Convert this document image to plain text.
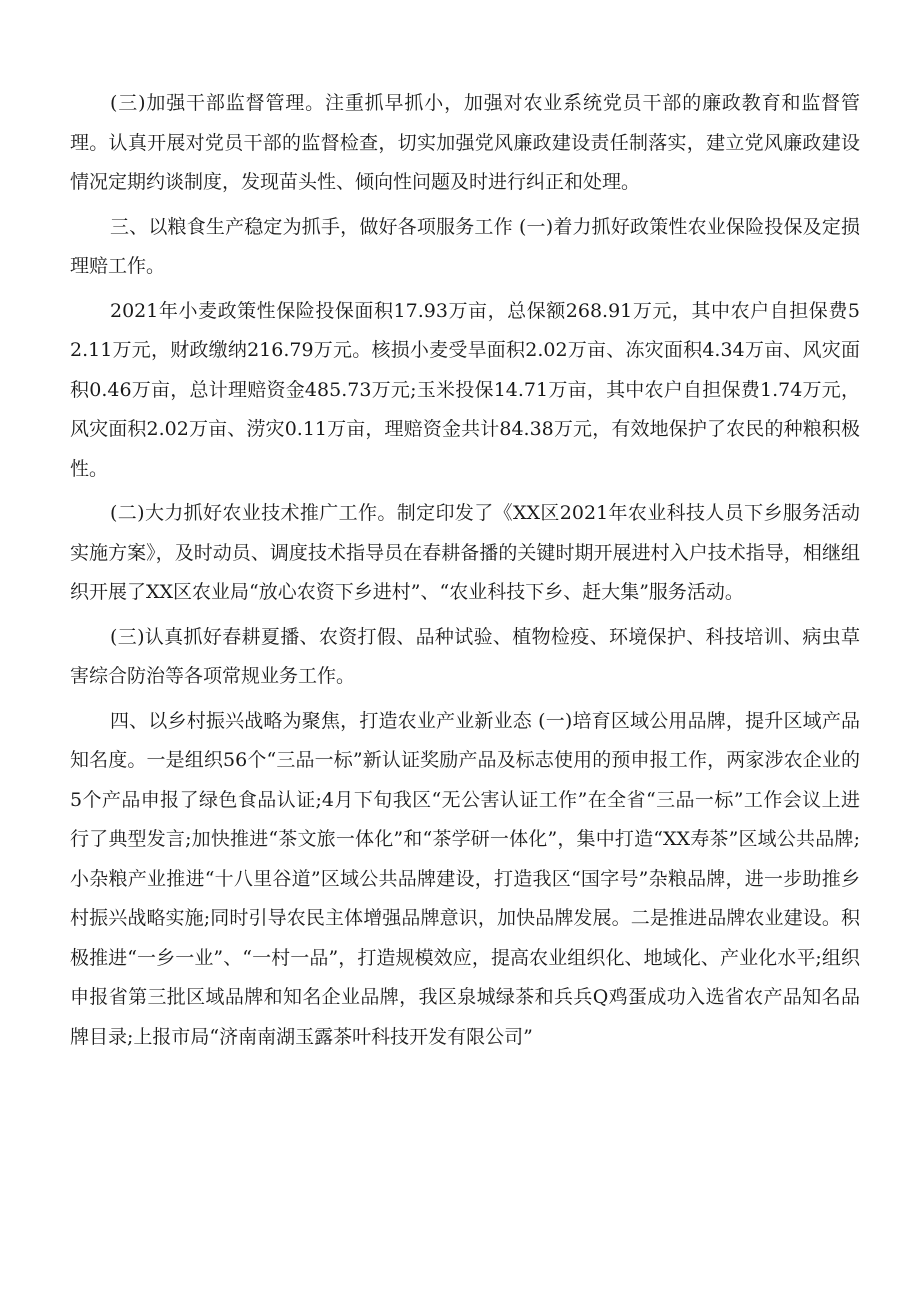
(三)加强干部监督管理。注重抓早抓小，加强对农业系统党员干部的廉政教育和监督管理。认真开展对党员干部的监督检查，切实加强党风廉政建设责任制落实，建立党风廉政建设情况定期约谈制度，发现苗头性、倾向性问题及时进行纠正和处理。

三、以粮食生产稳定为抓手，做好各项服务工作 (一)着力抓好政策性农业保险投保及定损理赔工作。

2021年小麦政策性保险投保面积17.93万亩，总保额268.91万元，其中农户自担保费52.11万元，财政缴纳216.79万元。核损小麦受旱面积2.02万亩、冻灾面积4.34万亩、风灾面积0.46万亩，总计理赔资金485.73万元;玉米投保14.71万亩，其中农户自担保费1.74万元，风灾面积2.02万亩、涝灾0.11万亩，理赔资金共计84.38万元，有效地保护了农民的种粮积极性。

(二)大力抓好农业技术推广工作。制定印发了《XX区2021年农业科技人员下乡服务活动实施方案》，及时动员、调度技术指导员在春耕备播的关键时期开展进村入户技术指导，相继组织开展了XX区农业局“放心农资下乡进村”、“农业科技下乡、赶大集”服务活动。

(三)认真抓好春耕夏播、农资打假、品种试验、植物检疫、环境保护、科技培训、病虫草害综合防治等各项常规业务工作。

四、以乡村振兴战略为聚焦，打造农业产业新业态 (一)培育区域公用品牌，提升区域产品知名度。一是组织56个“三品一标”新认证奖励产品及标志使用的预申报工作，两家涉农企业的5个产品申报了绿色食品认证;4月下旬我区“无公害认证工作”在全省“三品一标”工作会议上进行了典型发言;加快推进“茶文旅一体化”和“茶学研一体化”，集中打造“XX寿茶”区域公共品牌;小杂粮产业推进“十八里谷道”区域公共品牌建设，打造我区“国字号”杂粮品牌，进一步助推乡村振兴战略实施;同时引导农民主体增强品牌意识，加快品牌发展。二是推进品牌农业建设。积极推进“一乡一业”、“一村一品”，打造规模效应，提高农业组织化、地域化、产业化水平;组织申报省第三批区域品牌和知名企业品牌，我区泉城绿茶和兵兵Q鸡蛋成功入选省农产品知名品牌目录;上报市局“济南南湖玉露茶叶科技开发有限公司”
